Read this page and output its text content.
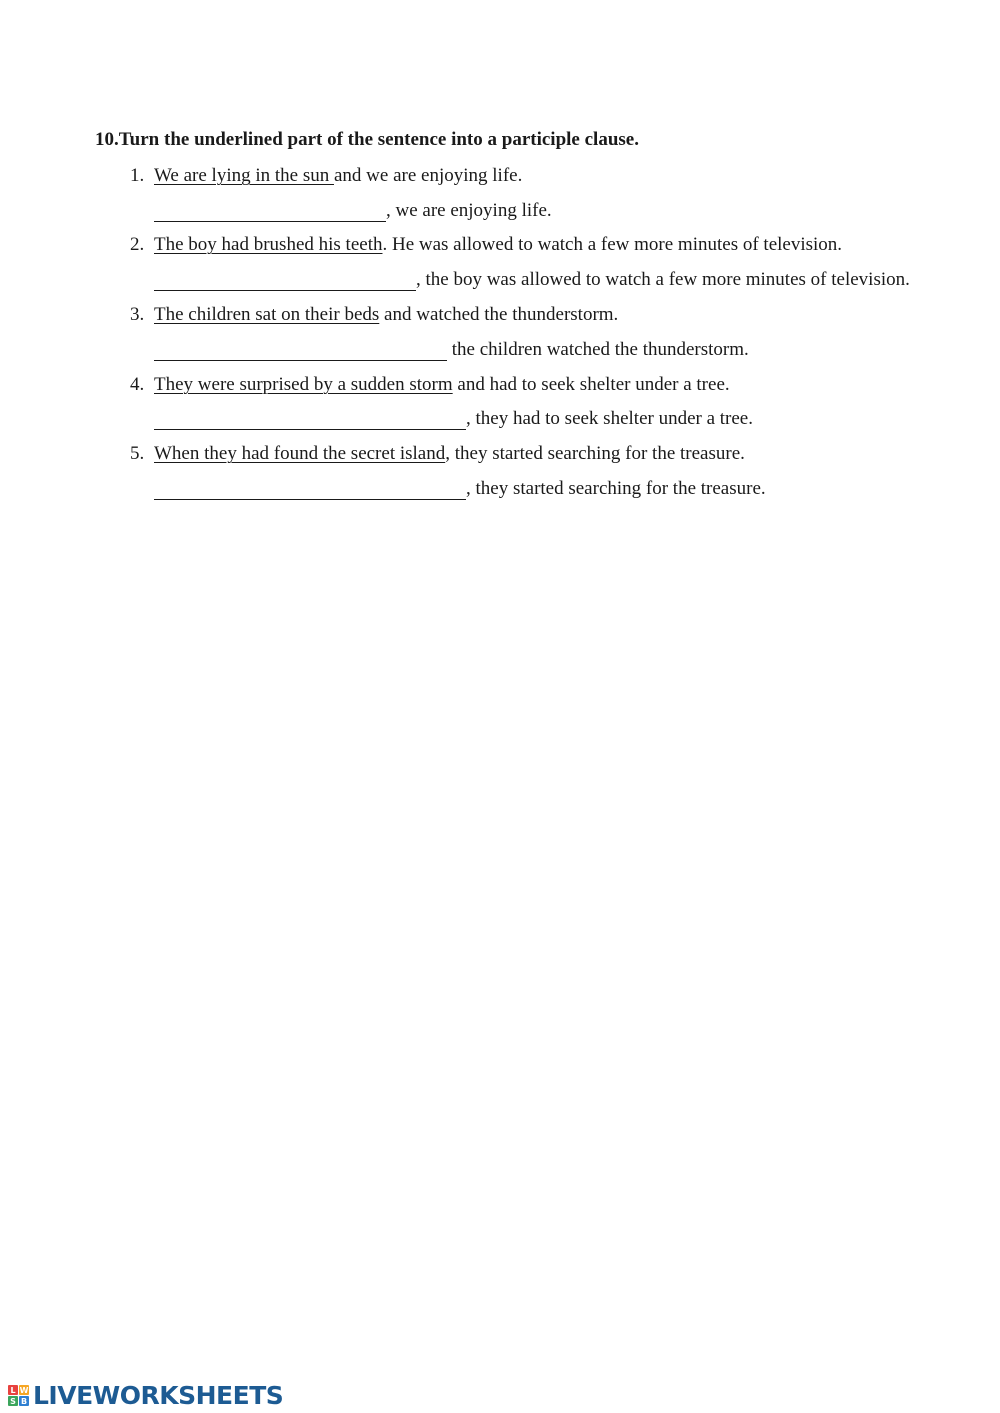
10.Turn the underlined part of the sentence into a participle clause.
1. We are lying in the sun and we are enjoying life.
, we are enjoying life.
2. The boy had brushed his teeth. He was allowed to watch a few more minutes of television.
, the boy was allowed to watch a few more minutes of television.
3. The children sat on their beds and watched the thunderstorm.
the children watched the thunderstorm.
4. They were surprised by a sudden storm and had to seek shelter under a tree.
, they had to seek shelter under a tree.
5. When they had found the secret island, they started searching for the treasure.
, they started searching for the treasure.
L W
S B LIVEWORKSHEETS
